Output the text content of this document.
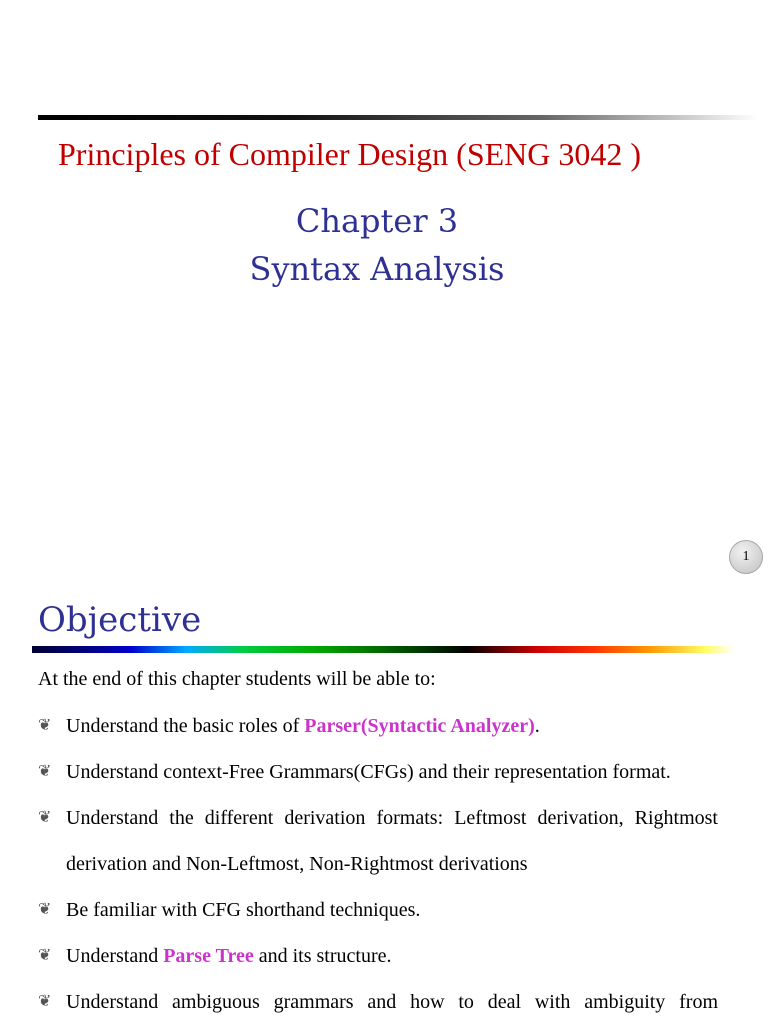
Principles of Compiler Design (SENG 3042 )
Chapter 3
Syntax Analysis
1
Objective
At the end of this chapter students will be able to:
❦ Understand the basic roles of Parser(Syntactic Analyzer).
❦ Understand context-Free Grammars(CFGs) and their representation format.
❦ Understand the different derivation formats: Leftmost derivation, Rightmost derivation and Non-Leftmost, Non-Rightmost derivations
❦ Be familiar with CFG shorthand techniques.
❦ Understand Parse Tree and its structure.
❦ Understand ambiguous grammars and how to deal with ambiguity from
